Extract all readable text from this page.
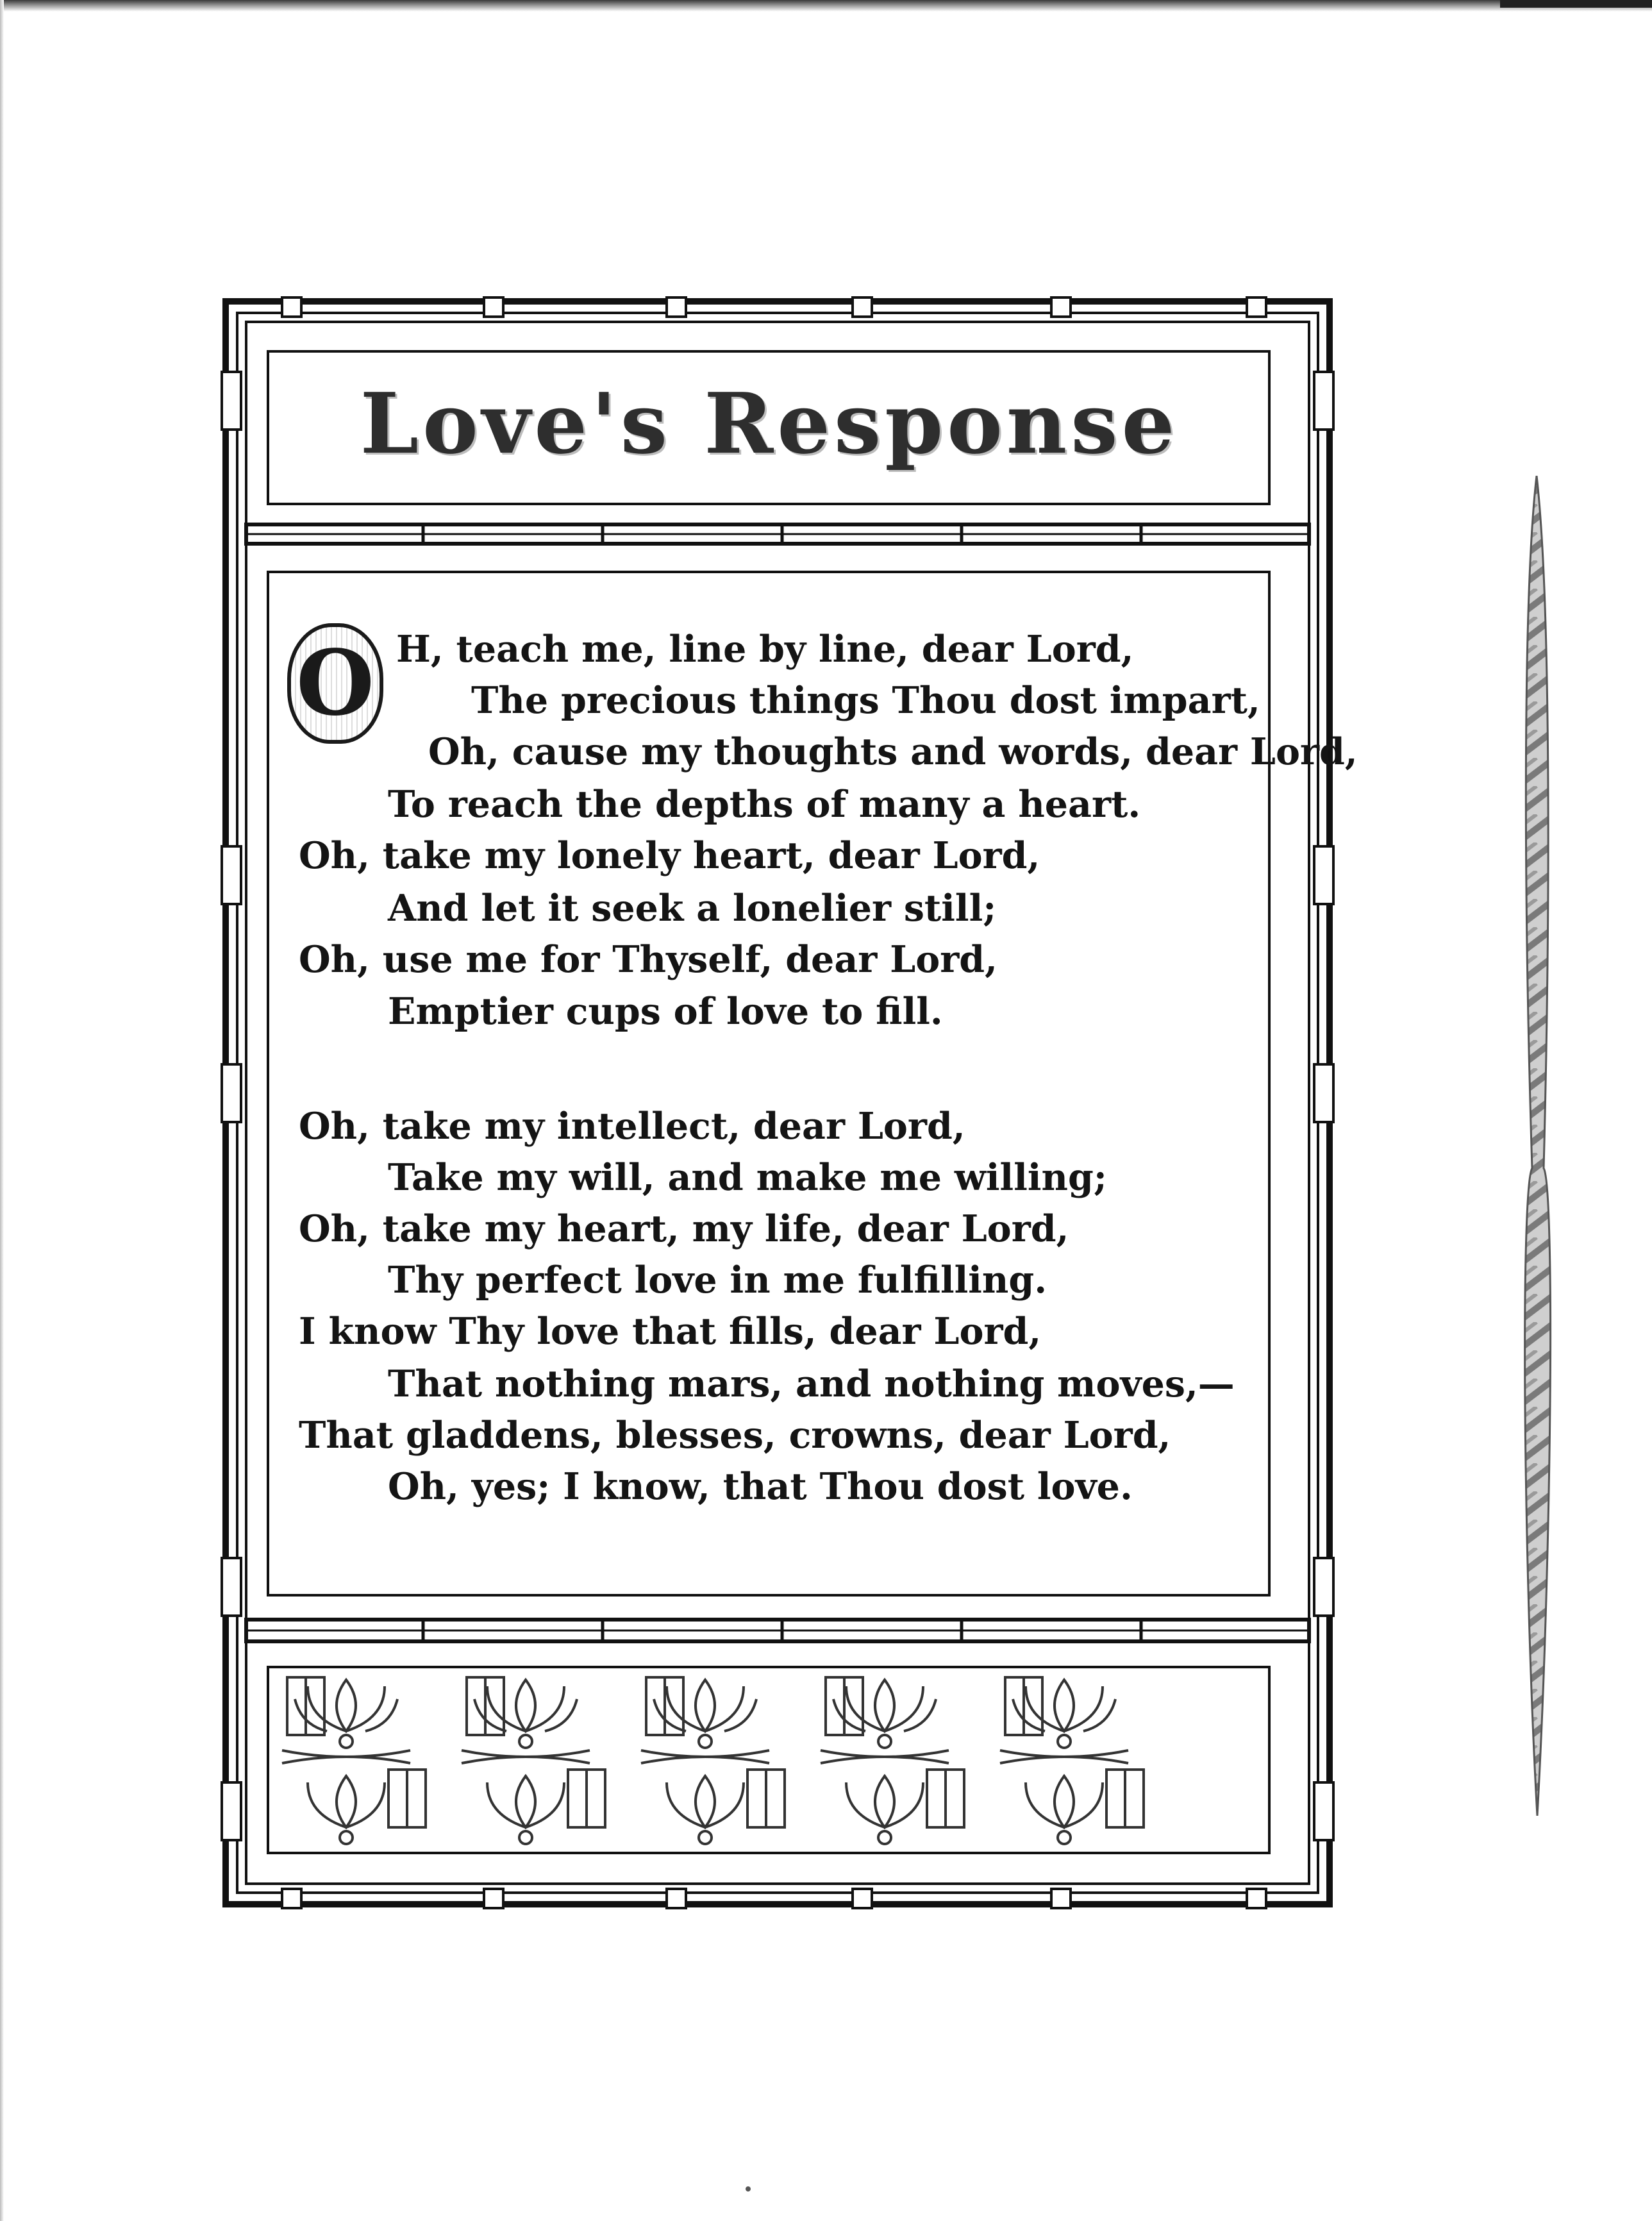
Love's Response
O H, teach me, line by line, dear Lord,
The precious things Thou dost impart,
Oh, cause my thoughts and words, dear Lord,
To reach the depths of many a heart.
Oh, take my lonely heart, dear Lord,
And let it seek a lonelier still;
Oh, use me for Thyself, dear Lord,
Emptier cups of love to fill.
Oh, take my intellect, dear Lord,
Take my will, and make me willing;
Oh, take my heart, my life, dear Lord,
Thy perfect love in me fulfilling.
I know Thy love that fills, dear Lord,
That nothing mars, and nothing moves,—
That gladdens, blesses, crowns, dear Lord,
Oh, yes; I know, that Thou dost love.
